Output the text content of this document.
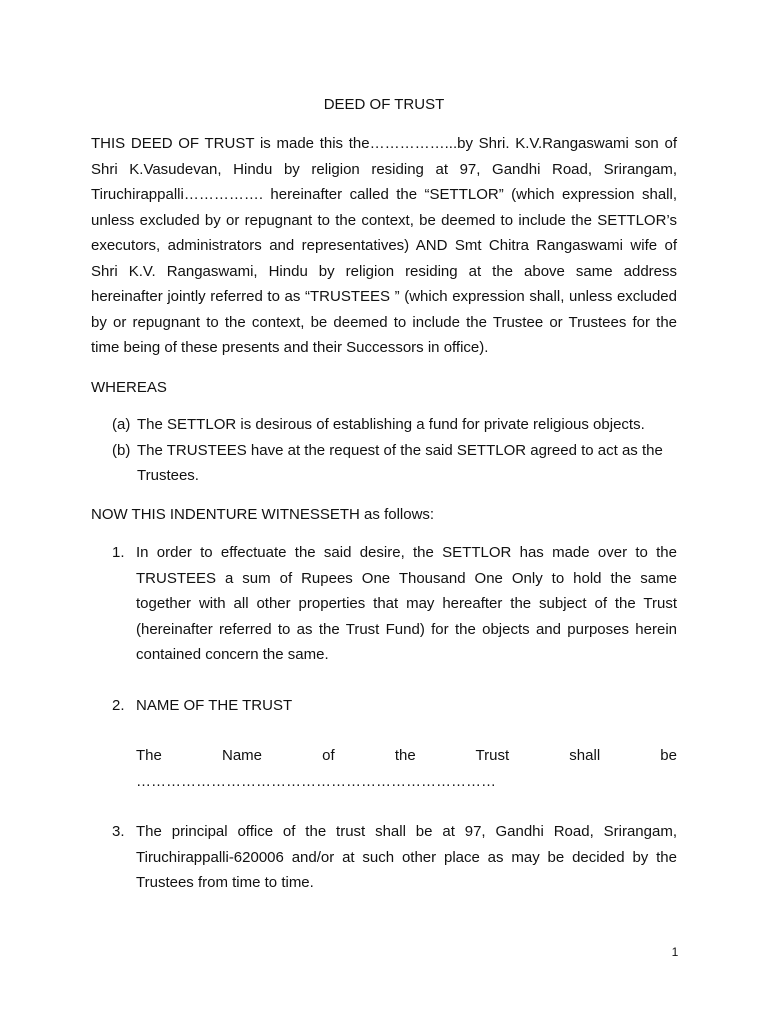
DEED OF TRUST

THIS DEED OF TRUST is made this the……………...by Shri. K.V.Rangaswami son of Shri K.Vasudevan, Hindu by religion residing at 97, Gandhi Road, Srirangam, Tiruchirappalli……………. hereinafter called the “SETTLOR” (which expression shall, unless excluded by or repugnant to the context, be deemed to include the SETTLOR’s executors, administrators and representatives) AND Smt Chitra Rangaswami wife of Shri K.V. Rangaswami, Hindu by religion residing at the above same address hereinafter jointly referred to as “TRUSTEES ” (which expression shall, unless excluded by or repugnant to the context, be deemed to include the Trustee or Trustees for the time being of these presents and their Successors in office).

WHEREAS

(a) The SETTLOR is desirous of establishing a fund for private religious objects.
(b) The TRUSTEES have at the request of the said SETTLOR agreed to act as the Trustees.

NOW THIS INDENTURE WITNESSETH as follows:

1. In order to effectuate the said desire, the SETTLOR has made over to the TRUSTEES a sum of Rupees One Thousand One Only to hold the same together with all other properties that may hereafter the subject of the Trust (hereinafter referred to as the Trust Fund) for the objects and purposes herein contained concern the same.
2. NAME OF THE TRUST
The Name of the Trust shall be ………………………………………………………………
3. The principal office of the trust shall be at 97, Gandhi Road, Srirangam, Tiruchirappalli-620006 and/or at such other place as may be decided by the Trustees from time to time.
1
